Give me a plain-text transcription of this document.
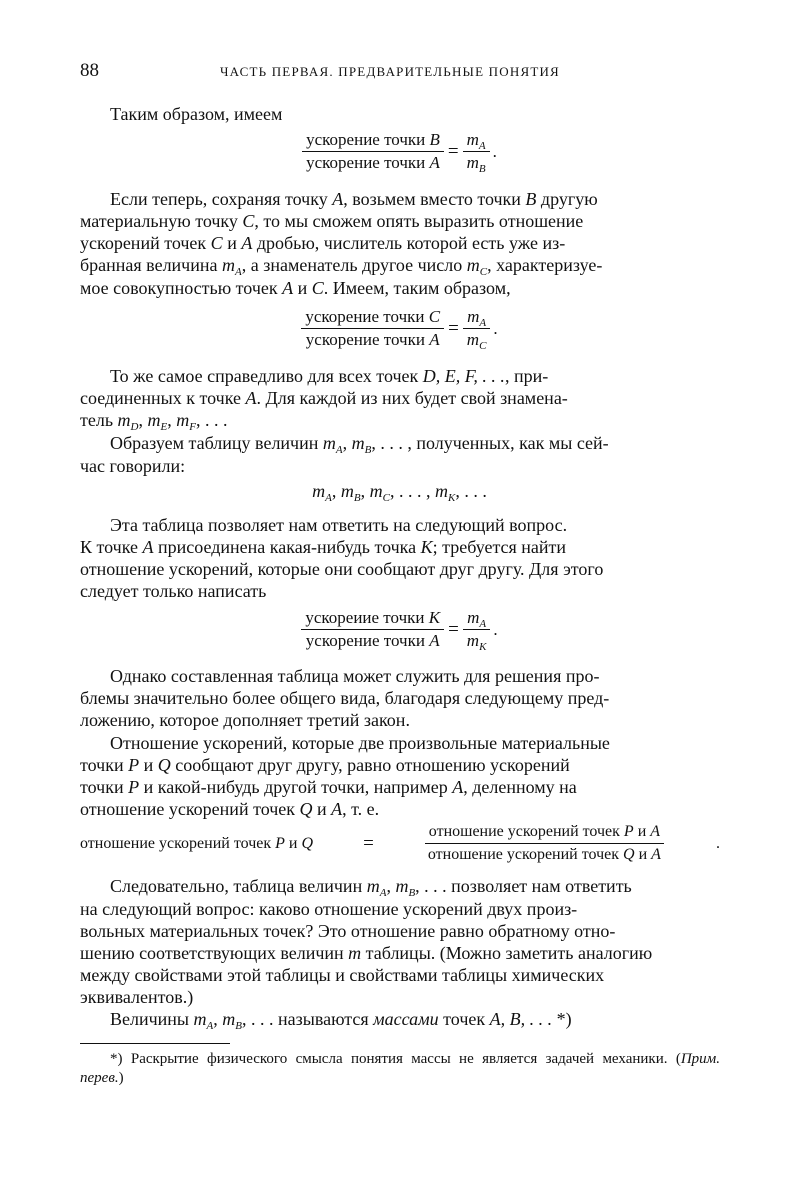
88	ЧАСТЬ ПЕРВАЯ. ПРЕДВАРИТЕЛЬНЫЕ ПОНЯТИЯ
Таким образом, имеем
$\frac{\text{ускорение точки B}}{\text{ускорение точки A}} = \frac{m_A}{m_B}$ .
Если теперь, сохраняя точку A, возьмем вместо точки B другую
материальную точку C, то мы сможем опять выразить отношение
ускорений точек C и A дробью, числитель которой есть уже из-
бранная величина $m_A$, а знаменатель другое число $m_C$, характеризуе-
мое совокупностью точек A и C. Имеем, таким образом,
$\frac{\text{ускорение точки C}}{\text{ускорение точки A}} = \frac{m_A}{m_C}$ .
То же самое справедливо для всех точек D, E, F, . . ., при-
соединенных к точке A. Для каждой из них будет свой знамена-
тель $m_D$, $m_E$, $m_F$, . . .
Образуем таблицу величин $m_A$, $m_B$, . . . , полученных, как мы сей-
час говорили:
$m_A$, $m_B$, $m_C$, . . . , $m_K$, . . .
Эта таблица позволяет нам ответить на следующий вопрос.
К точке A присоединена какая-нибудь точка K; требуется найти
отношение ускорений, которые они сообщают друг другу. Для этого
следует только написать
$\frac{\text{ускореиие точки K}}{\text{ускорение точки A}} = \frac{m_A}{m_K}$ .
Однако составленная таблица может служить для решения про-
блемы значительно более общего вида, благодаря следующему пред-
ложению, которое дополняет третий закон.
Отношение ускорений, которые две произвольные материальные
точки P и Q сообщают друг другу, равно отношению ускорений
точки P и какой-нибудь другой точки, например A, деленному на
отношение ускорений точек Q и A, т. е.
отношение ускорений точек P и Q	=	$\frac{\text{отношение ускорений точек P и A}}{\text{отношение ускорений точек Q и A}}$	.
Следовательно, таблица величин $m_A$, $m_B$, . . . позволяет нам ответить
на следующий вопрос: каково отношение ускорений двух произ-
вольных материальных точек? Это отношение равно обратному отно-
шению соответствующих величин m таблицы. (Можно заметить аналогию
между свойствами этой таблицы и свойствами таблицы химических
эквивалентов.)
Величины $m_A$, $m_B$, . . . называются массами точек A, B, . . . *)
*) Раскрытие физического смысла понятия массы не является задачей механики. (Прим. перев.)
